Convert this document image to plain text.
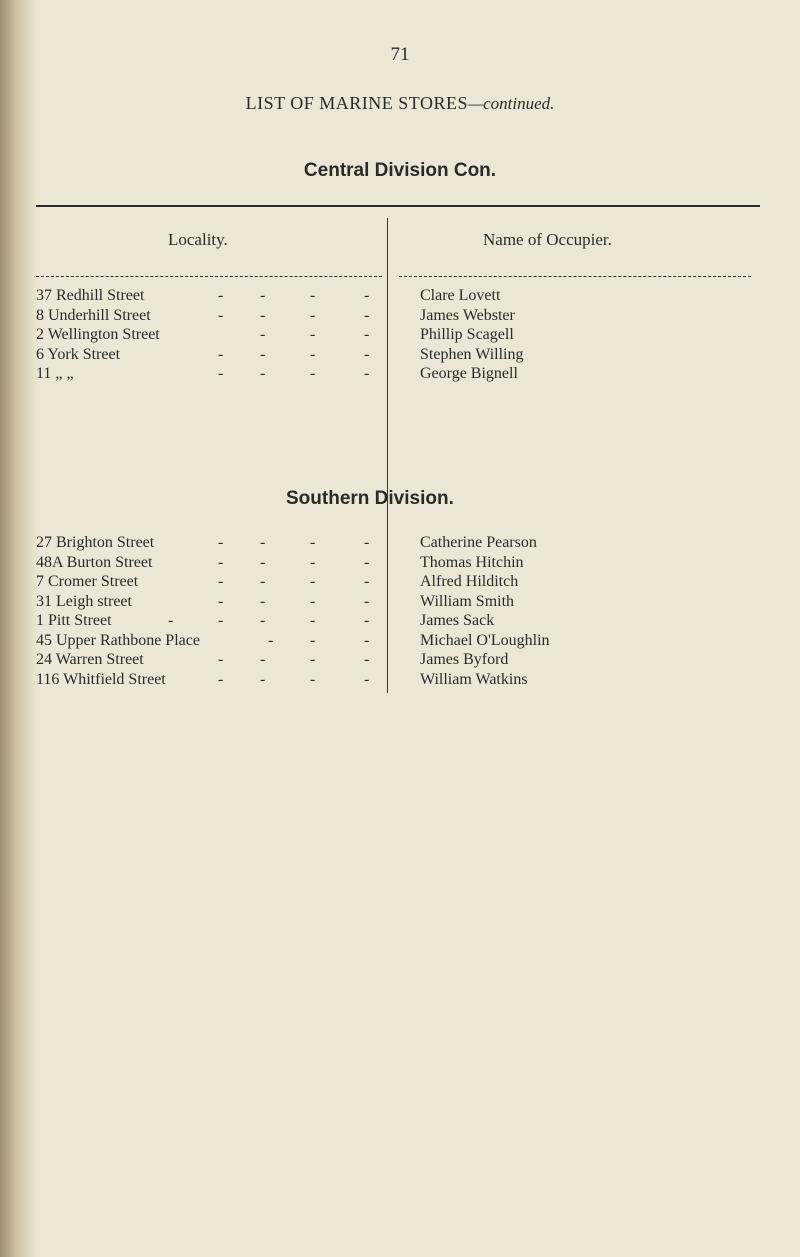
71
LIST OF MARINE STORES—continued.
Central Division Con.
Locality.	Name of Occupier.
37 Redhill Street	- -	-	-	Clare Lovett
8 Underhill Street	- -	-	-	James Webster
2 Wellington Street	-	-	-	Phillip Scagell
6 York Street	- -	-	-	Stephen Willing
11 „ „	- -	-	-	George Bignell
Southern Division.
27 Brighton Street	- -	-	-	Catherine Pearson
48A Burton Street	- -	-	-	Thomas Hitchin
7 Cromer Street	- -	-	-	Alfred Hilditch
31 Leigh street	- -	-	-	William Smith
1 Pitt Street	-	- -	-	-	James Sack
45 Upper Rathbone Place	- -	-	Michael O'Loughlin
24 Warren Street	- -	-	-	James Byford
116 Whitfield Street	- -	-	-	William Watkins
